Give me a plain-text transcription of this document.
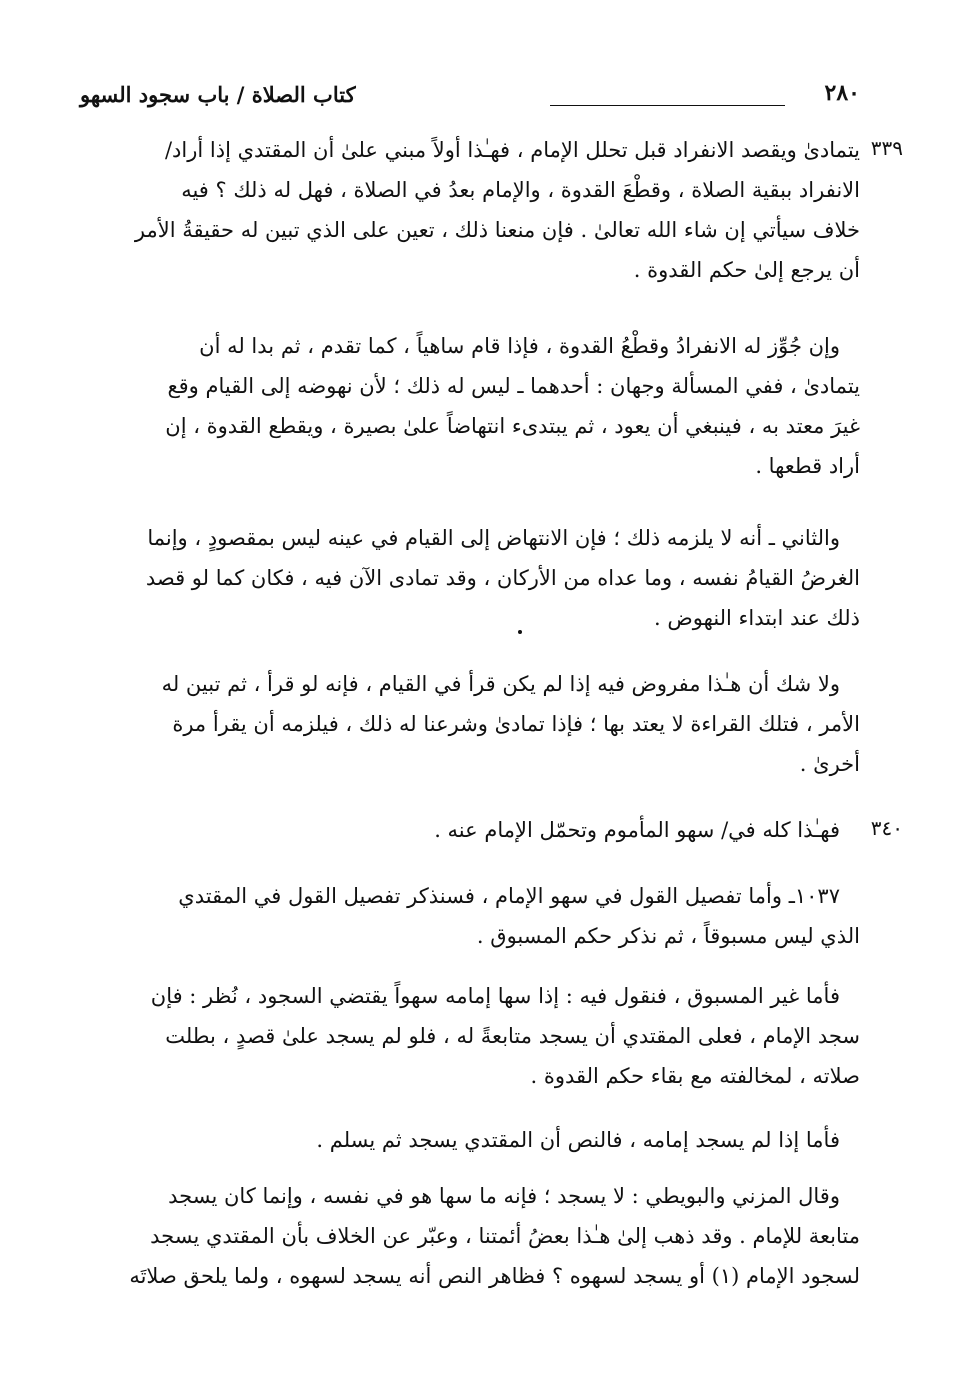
٢٨٠
كتاب الصلاة / باب سجود السهو
٣٣٩
٣٤٠
يتمادىٰ ويقصد الانفراد قبل تحلل الإمام ، فهـٰذا أولاً مبني علىٰ أن المقتدي إذا أراد/
الانفراد ببقية الصلاة ، وقطْعَ القدوة ، والإمام بعدُ في الصلاة ، فهل له ذلك ؟ فيه
خلاف سيأتي إن شاء الله تعالىٰ . فإن منعنا ذلك ، تعين على الذي تبين له حقيقةُ الأمر
أن يرجع إلىٰ حكم القدوة .
وإن جُوِّز له الانفرادُ وقطْعُ القدوة ، فإذا قام ساهياً ، كما تقدم ، ثم بدا له أن
يتمادىٰ ، ففي المسألة وجهان : أحدهما ـ ليس له ذلك ؛ لأن نهوضه إلى القيام وقع
غيرَ معتد به ، فينبغي أن يعود ، ثم يبتدىء انتهاضاً علىٰ بصيرة ، ويقطع القدوة ، إن
أراد قطعها .
والثاني ـ أنه لا يلزمه ذلك ؛ فإن الانتهاض إلى القيام في عينه ليس بمقصودٍ ، وإنما
الغرضُ القيامُ نفسه ، وما عداه من الأركان ، وقد تمادى الآن فيه ، فكان كما لو قصد
ذلك عند ابتداء النهوض .
ولا شك أن هـٰذا مفروض فيه إذا لم يكن قرأ في القيام ، فإنه لو قرأ ، ثم تبين له
الأمر ، فتلك القراءة لا يعتد بها ؛ فإذا تمادىٰ وشرعنا له ذلك ، فيلزمه أن يقرأ مرة
أخرىٰ .
فهـٰذا كله في/ سهو المأموم وتحمّل الإمام عنه .
١٠٣٧ـ وأما تفصيل القول في سهو الإمام ، فسنذكر تفصيل القول في المقتدي
الذي ليس مسبوقاً ، ثم نذكر حكم المسبوق .
فأما غير المسبوق ، فنقول فيه : إذا سها إمامه سهواً يقتضي السجود ، نُظر : فإن
سجد الإمام ، فعلى المقتدي أن يسجد متابعةً له ، فلو لم يسجد علىٰ قصدٍ ، بطلت
صلاته ، لمخالفته مع بقاء حكم القدوة .
فأما إذا لم يسجد إمامه ، فالنص أن المقتدي يسجد ثم يسلم .
وقال المزني والبويطي : لا يسجد ؛ فإنه ما سها هو في نفسه ، وإنما كان يسجد
متابعة للإمام . وقد ذهب إلىٰ هـٰذا بعضُ أئمتنا ، وعبّر عن الخلاف بأن المقتدي يسجد
لسجود الإمام (١) أو يسجد لسهوه ؟ فظاهر النص أنه يسجد لسهوه ، ولما يلحق صلاتَه
